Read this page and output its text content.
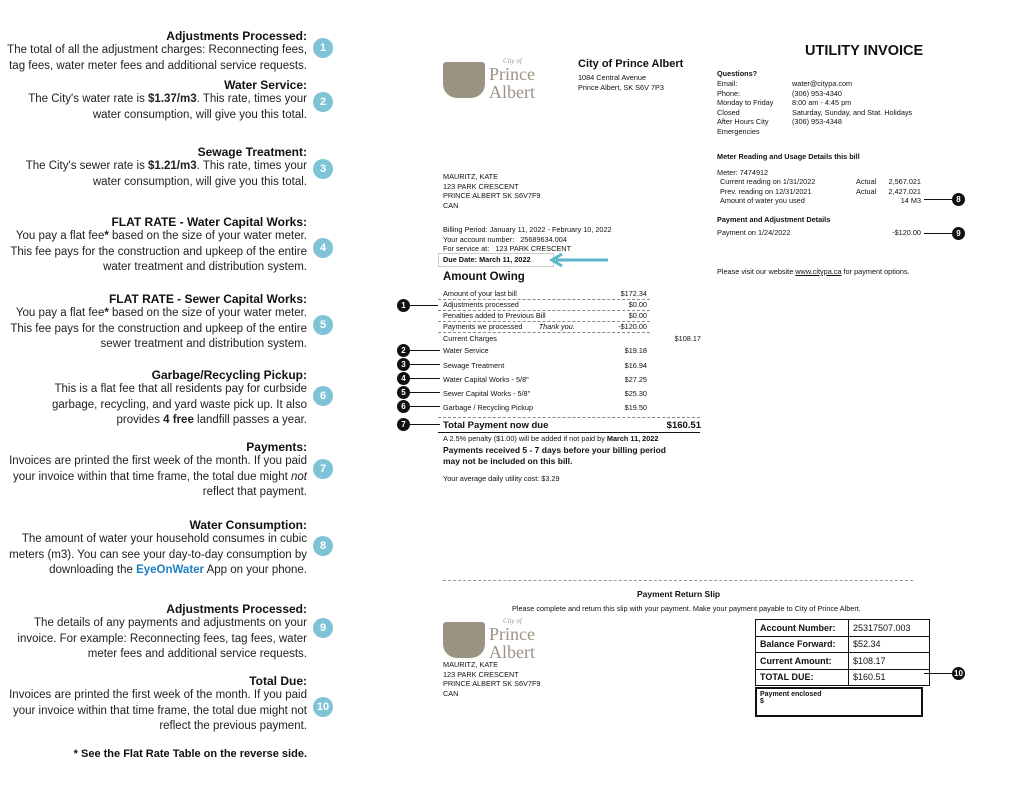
Adjustments Processed:
The total of all the adjustment charges: Reconnecting fees, tag fees, water meter fees and additional service requests.
1
Water Service:
The City's water rate is $1.37/m3. This rate, times your water consumption, will give you this total.
2
Sewage Treatment:
The City's sewer rate is $1.21/m3. This rate, times your water consumption, will give you this total.
3
FLAT RATE - Water Capital Works:
You pay a flat fee* based on the size of your water meter. This fee pays for the construction and upkeep of the entire water treatment and distribution system.
4
FLAT RATE - Sewer Capital Works:
You pay a flat fee* based on the size of your water meter. This fee pays for the construction and upkeep of the entire sewer treatment and distribution system.
5
Garbage/Recycling Pickup:
This is a flat fee that all residents pay for curbside garbage, recycling, and yard waste pick up. It also provides 4 free landfill passes a year.
6
Payments:
Invoices are printed the first week of the month. If you paid your invoice within that time frame, the total due might not reflect that payment.
7
Water Consumption:
The amount of water your household consumes in cubic meters (m3). You can see your day-to-day consumption by downloading the EyeOnWater App on your phone.
8
Adjustments Processed:
The details of any payments and adjustments on your invoice. For example: Reconnecting fees, tag fees, water meter fees and additional service requests.
9
Total Due:
Invoices are printed the first week of the month. If you paid your invoice within that time frame, the total due might not reflect the previous payment.
10
* See the Flat Rate Table on the reverse side.
City of
Prince
Albert
City of Prince Albert
1084 Central Avenue
Prince Albert, SK S6V 7P3
UTILITY INVOICE
Questions?
Email:	water@citypa.com
Phone:	(306) 953-4340
Monday to Friday	8:00 am - 4:45 pm
Closed	Saturday, Sunday, and Stat. Holidays
After Hours City Emergencies
(306) 953-4348
MAURITZ, KATE
123 PARK CRESCENT
PRINCE ALBERT SK S6V7F9
CAN
Billing Period: January 11, 2022 - February 10, 2022
Your account number: 25689634.004
For service at: 123 PARK CRESCENT
Due Date: March 11, 2022
Amount Owing
Amount of your last bill	$172.34
Adjustments processed	$0.00
Penalties added to Previous Bill	$0.00
Payments we processed Thank you.	-$120.00
Current Charges	$108.17
Water Service	$19.18
Sewage Treatment	$16.94
Water Capital Works - 5/8"	$27.25
Sewer Capital Works - 5/8"	$25.30
Garbage / Recycling Pickup	$19.50
Total Payment now due	$160.51
A 2.5% penalty ($1.00) will be added if not paid by March 11, 2022
Payments received 5 - 7 days before your billing period may not be included on this bill.
Your average daily utility cost: $3.29
Meter Reading and Usage Details this bill
Meter: 7474912
Current reading on 1/31/2022	Actual	2,567.021
Prev. reading on 12/31/2021	Actual	2,427.021
Amount of water you used	14 M3
Payment and Adjustment Details
Payment on 1/24/2022	-$120.00
Please visit our website www.citypa.ca for payment options.
1
2
3
4
5
6
7
8
9
10
Payment Return Slip
Please complete and return this slip with your payment. Make your payment payable to City of Prince Albert.
City of
Prince
Albert
MAURITZ, KATE
123 PARK CRESCENT
PRINCE ALBERT SK S6V7F9
CAN
Account Number:	25317507.003
Balance Forward:	$52.34
Current Amount:	$108.17
TOTAL DUE:	$160.51
Payment enclosed
$
